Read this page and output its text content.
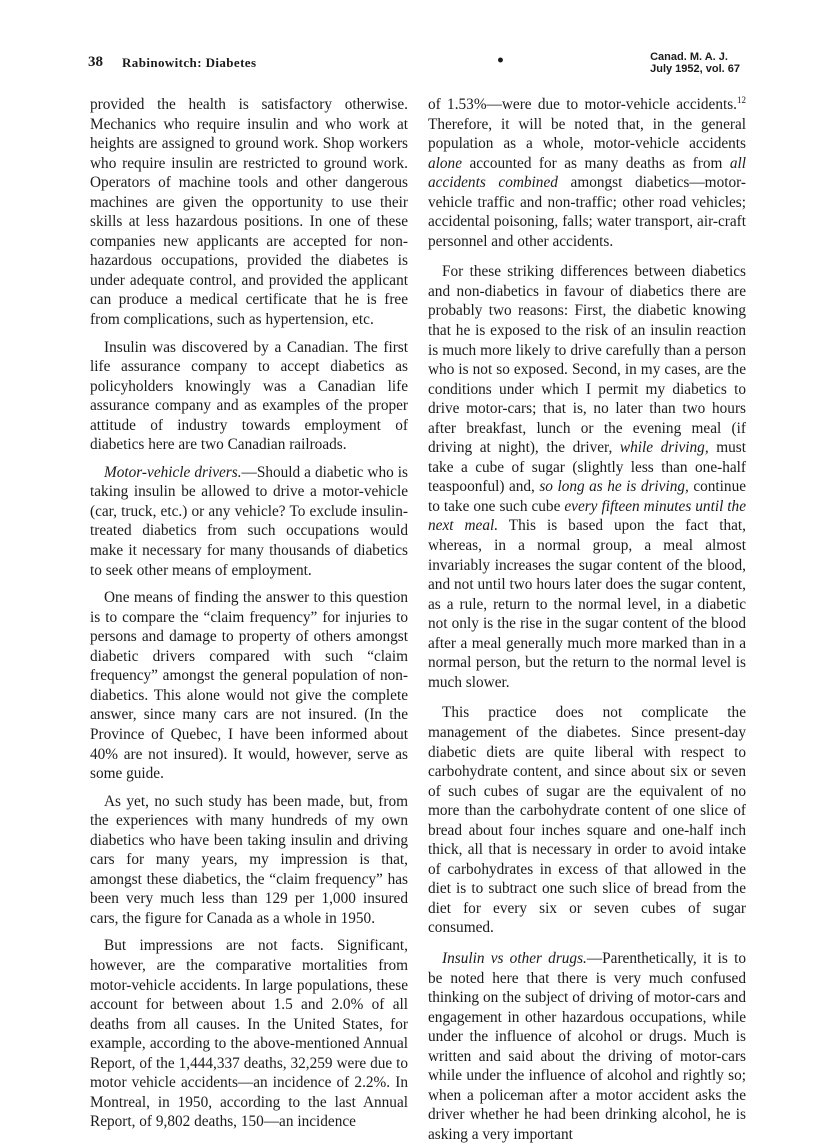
38 Rabinowitch: Diabetes	•	Canad. M. A. J.
July 1952, vol. 67

provided the health is satisfactory otherwise. Mechanics who require insulin and who work at heights are assigned to ground work. Shop workers who require insulin are restricted to ground work. Operators of machine tools and other dangerous machines are given the opportunity to use their skills at less hazardous positions. In one of these companies new applicants are accepted for non-hazardous occupations, provided the diabetes is under adequate control, and provided the applicant can produce a medical certificate that he is free from complications, such as hypertension, etc.

Insulin was discovered by a Canadian. The first life assurance company to accept diabetics as policyholders knowingly was a Canadian life assurance company and as examples of the proper attitude of industry towards employment of diabetics here are two Canadian railroads.

Motor-vehicle drivers.—Should a diabetic who is taking insulin be allowed to drive a motor-vehicle (car, truck, etc.) or any vehicle? To exclude insulin-treated diabetics from such occupations would make it necessary for many thousands of diabetics to seek other means of employment.

One means of finding the answer to this question is to compare the “claim frequency” for injuries to persons and damage to property of others amongst diabetic drivers compared with such “claim frequency” amongst the general population of non-diabetics. This alone would not give the complete answer, since many cars are not insured. (In the Province of Quebec, I have been informed about 40% are not insured). It would, however, serve as some guide.

As yet, no such study has been made, but, from the experiences with many hundreds of my own diabetics who have been taking insulin and driving cars for many years, my impression is that, amongst these diabetics, the “claim frequency” has been very much less than 129 per 1,000 insured cars, the figure for Canada as a whole in 1950.

But impressions are not facts. Significant, however, are the comparative mortalities from motor-vehicle accidents. In large populations, these account for between about 1.5 and 2.0% of all deaths from all causes. In the United States, for example, according to the above-mentioned Annual Report, of the 1,444,337 deaths, 32,259 were due to motor vehicle accidents—an incidence of 2.2%. In Montreal, in 1950, according to the last Annual Report, of 9,802 deaths, 150—an incidence

of 1.53%—were due to motor-vehicle accidents.$^{12}$ Therefore, it will be noted that, in the general population as a whole, motor-vehicle accidents alone accounted for as many deaths as from all accidents combined amongst diabetics—motor-vehicle traffic and non-traffic; other road vehicles; accidental poisoning, falls; water transport, air-craft personnel and other accidents.

For these striking differences between diabetics and non-diabetics in favour of diabetics there are probably two reasons: First, the diabetic knowing that he is exposed to the risk of an insulin reaction is much more likely to drive carefully than a person who is not so exposed. Second, in my cases, are the conditions under which I permit my diabetics to drive motor-cars; that is, no later than two hours after breakfast, lunch or the evening meal (if driving at night), the driver, while driving, must take a cube of sugar (slightly less than one-half teaspoonful) and, so long as he is driving, continue to take one such cube every fifteen minutes until the next meal. This is based upon the fact that, whereas, in a normal group, a meal almost invariably increases the sugar content of the blood, and not until two hours later does the sugar content, as a rule, return to the normal level, in a diabetic not only is the rise in the sugar content of the blood after a meal generally much more marked than in a normal person, but the return to the normal level is much slower.

This practice does not complicate the management of the diabetes. Since present-day diabetic diets are quite liberal with respect to carbohydrate content, and since about six or seven of such cubes of sugar are the equivalent of no more than the carbohydrate content of one slice of bread about four inches square and one-half inch thick, all that is necessary in order to avoid intake of carbohydrates in excess of that allowed in the diet is to subtract one such slice of bread from the diet for every six or seven cubes of sugar consumed.

Insulin vs other drugs.—Parenthetically, it is to be noted here that there is very much confused thinking on the subject of driving of motor-cars and engagement in other hazardous occupations, while under the influence of alcohol or drugs. Much is written and said about the driving of motor-cars while under the influence of alcohol and rightly so; when a policeman after a motor accident asks the driver whether he had been drinking alcohol, he is asking a very important
